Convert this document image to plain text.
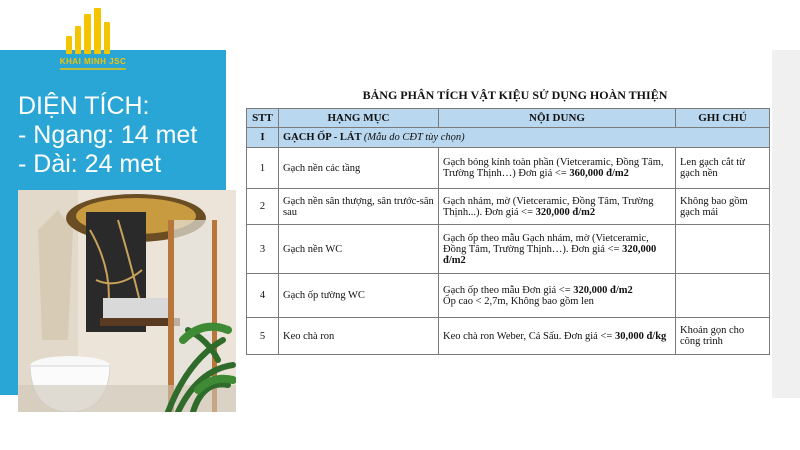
KHAI MINH JSC
DIỆN TÍCH:
- Ngang: 14 met
- Dài: 24 met
BẢNG PHÂN TÍCH VẬT KIỆU SỬ DỤNG HOÀN THIỆN
STT	HẠNG MỤC	NỘI DUNG	GHI CHÚ
I	GẠCH ỐP - LÁT (Mẫu do CĐT tùy chọn)		
1	Gạch nền các tầng	Gạch bóng kính toàn phần (Vietceramic, Đồng Tâm, Trường Thịnh…) Đơn giá <= 360,000 đ/m2	Len gạch cắt từ gạch nền
2	Gạch nền sân thượng, sân trước-sân sau	Gạch nhám, mờ (Vietceramic, Đồng Tâm, Trường Thịnh...). Đơn giá <= 320,000 đ/m2	Không bao gồm gạch mái
3	Gạch nền WC	Gạch ốp theo mẫu Gạch nhám, mờ (Vietceramic, Đồng Tâm, Trường Thịnh…). Đơn giá <= 320,000 đ/m2	
4	Gạch ốp tường WC	Gạch ốp theo mẫu Đơn giá <= 320,000 đ/m2
Ốp cao < 2,7m, Không bao gồm len	
5	Keo chà ron	Keo chà ron Weber, Cá Sấu. Đơn giá <= 30,000 đ/kg	Khoán gọn cho công trình
